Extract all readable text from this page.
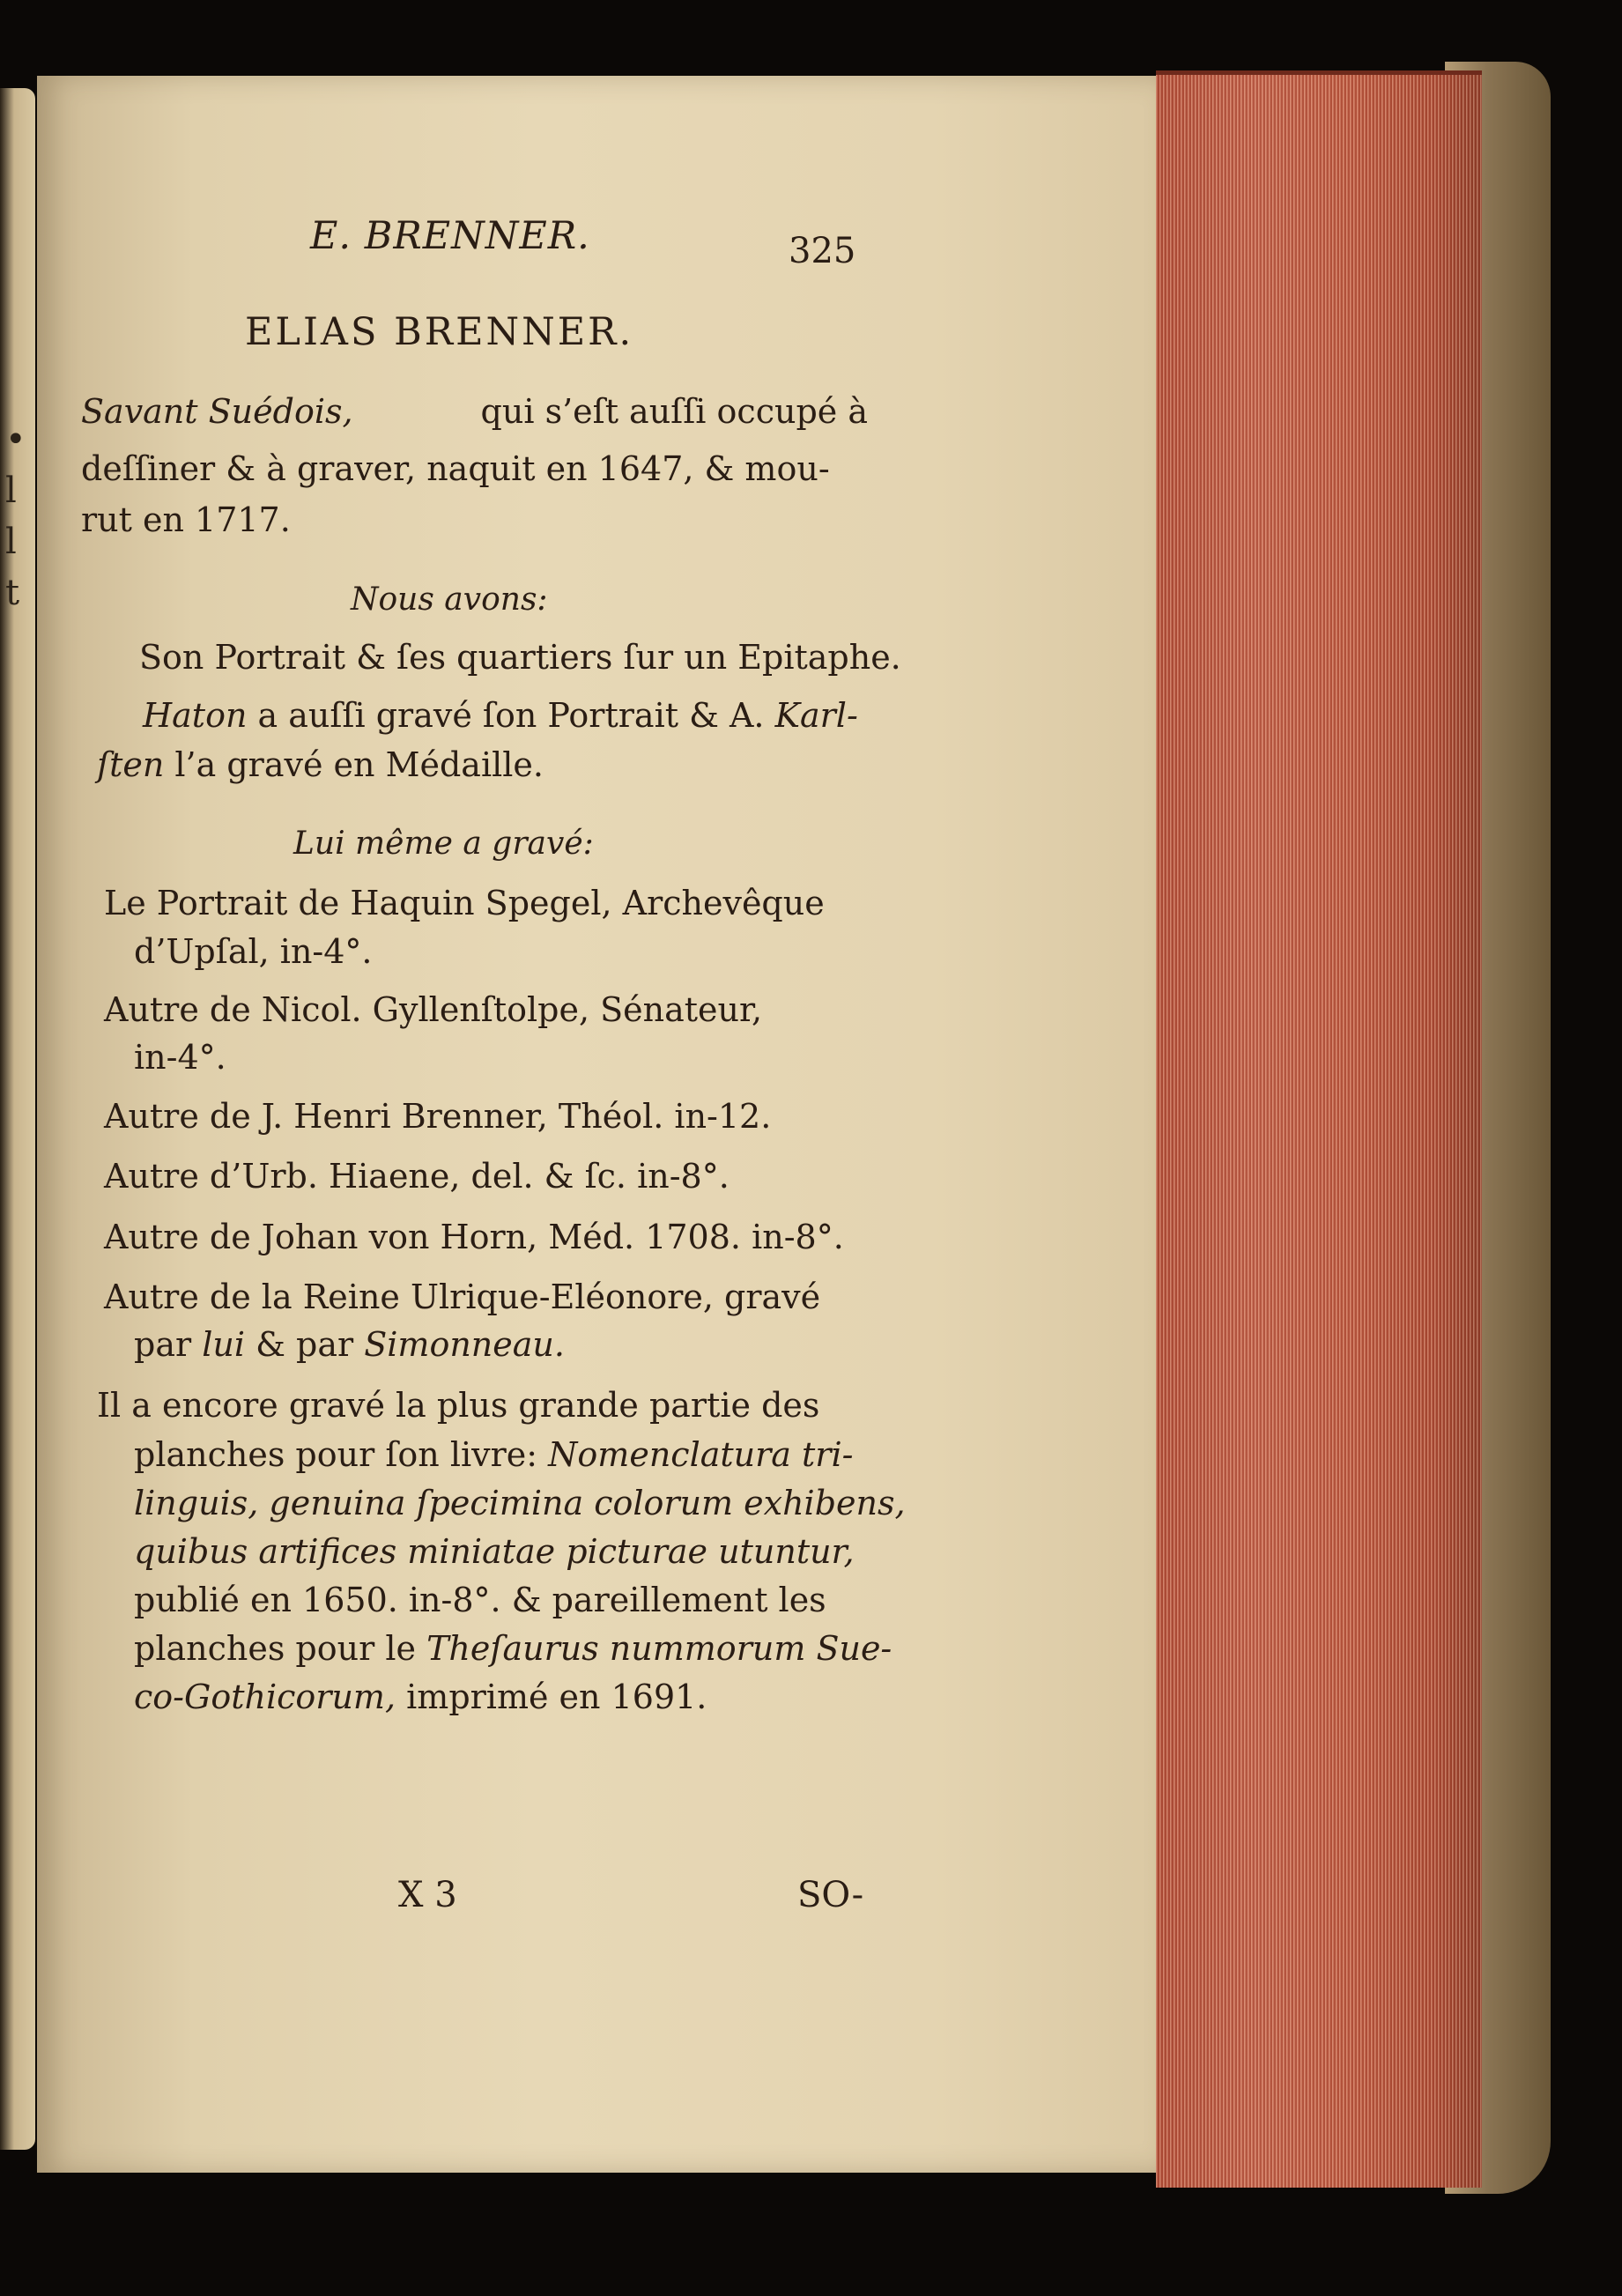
•
l
l
t
E. BRENNER.	325
ELIAS BRENNER.
Savant Suédois,	qui s’eſt auſſi occupé à
deſſiner & à graver, naquit en 1647, & mou-
rut en 1717.
Nous avons:
Son Portrait & ſes quartiers ſur un Epitaphe.
Haton a auſſi gravé ſon Portrait & A. Karl-
ſten l’a gravé en Médaille.
Lui même a gravé:
Le Portrait de Haquin Spegel, Archevêque
d’Upſal, in-4°.
Autre de Nicol. Gyllenſtolpe, Sénateur,
in-4°.
Autre de J. Henri Brenner, Théol. in-12.
Autre d’Urb. Hiaene, del. & ſc. in-8°.
Autre de Johan von Horn, Méd. 1708. in-8°.
Autre de la Reine Ulrique-Eléonore, gravé
par lui & par Simonneau.
Il a encore gravé la plus grande partie des
planches pour ſon livre: Nomenclatura tri-
linguis, genuina ſpecimina colorum exhibens,
quibus artifices miniatae picturae utuntur,
publié en 1650. in-8°. & pareillement les
planches pour le Theſaurus nummorum Sue-
co-Gothicorum, imprimé en 1691.
X 3	SO-
